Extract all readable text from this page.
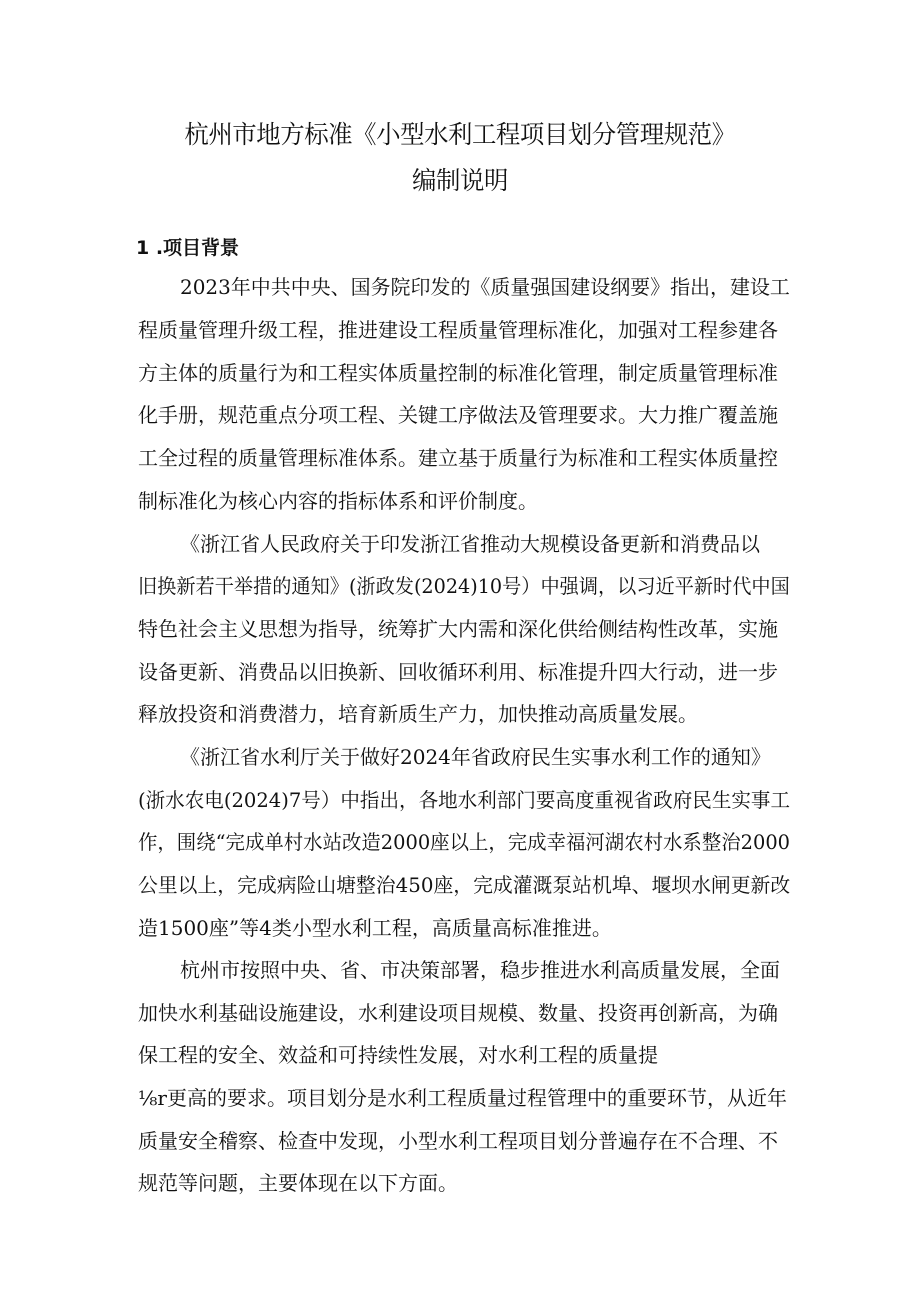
杭州市地方标准《小型水利工程项目划分管理规范》
编制说明
1 .项目背景
2023年中共中央、国务院印发的《质量强国建设纲要》指出，建设工
程质量管理升级工程，推进建设工程质量管理标准化，加强对工程参建各
方主体的质量行为和工程实体质量控制的标准化管理，制定质量管理标准
化手册，规范重点分项工程、关键工序做法及管理要求。大力推广覆盖施
工全过程的质量管理标准体系。建立基于质量行为标准和工程实体质量控
制标准化为核心内容的指标体系和评价制度。
《浙江省人民政府关于印发浙江省推动大规模设备更新和消费品以
旧换新若干举措的通知》(浙政发(2024)10号）中强调，以习近平新时代中国
特色社会主义思想为指导，统筹扩大内需和深化供给侧结构性改革，实施
设备更新、消费品以旧换新、回收循环利用、标准提升四大行动，进一步
释放投资和消费潜力，培育新质生产力，加快推动高质量发展。
《浙江省水利厅关于做好2024年省政府民生实事水利工作的通知》
(浙水农电(2024)7号）中指出，各地水利部门要高度重视省政府民生实事工
作，围绕“完成单村水站改造2000座以上，完成幸福河湖农村水系整治2000
公里以上，完成病险山塘整治450座，完成灌溉泵站机埠、堰坝水闸更新改
造1500座”等4类小型水利工程，高质量高标准推进。
杭州市按照中央、省、市决策部署，稳步推进水利高质量发展，全面
加快水利基础设施建设，水利建设项目规模、数量、投资再创新高，为确
保工程的安全、效益和可持续性发展，对水利工程的质量提
⅛r更高的要求。项目划分是水利工程质量过程管理中的重要环节，从近年
质量安全稽察、检查中发现，小型水利工程项目划分普遍存在不合理、不
规范等问题，主要体现在以下方面。
